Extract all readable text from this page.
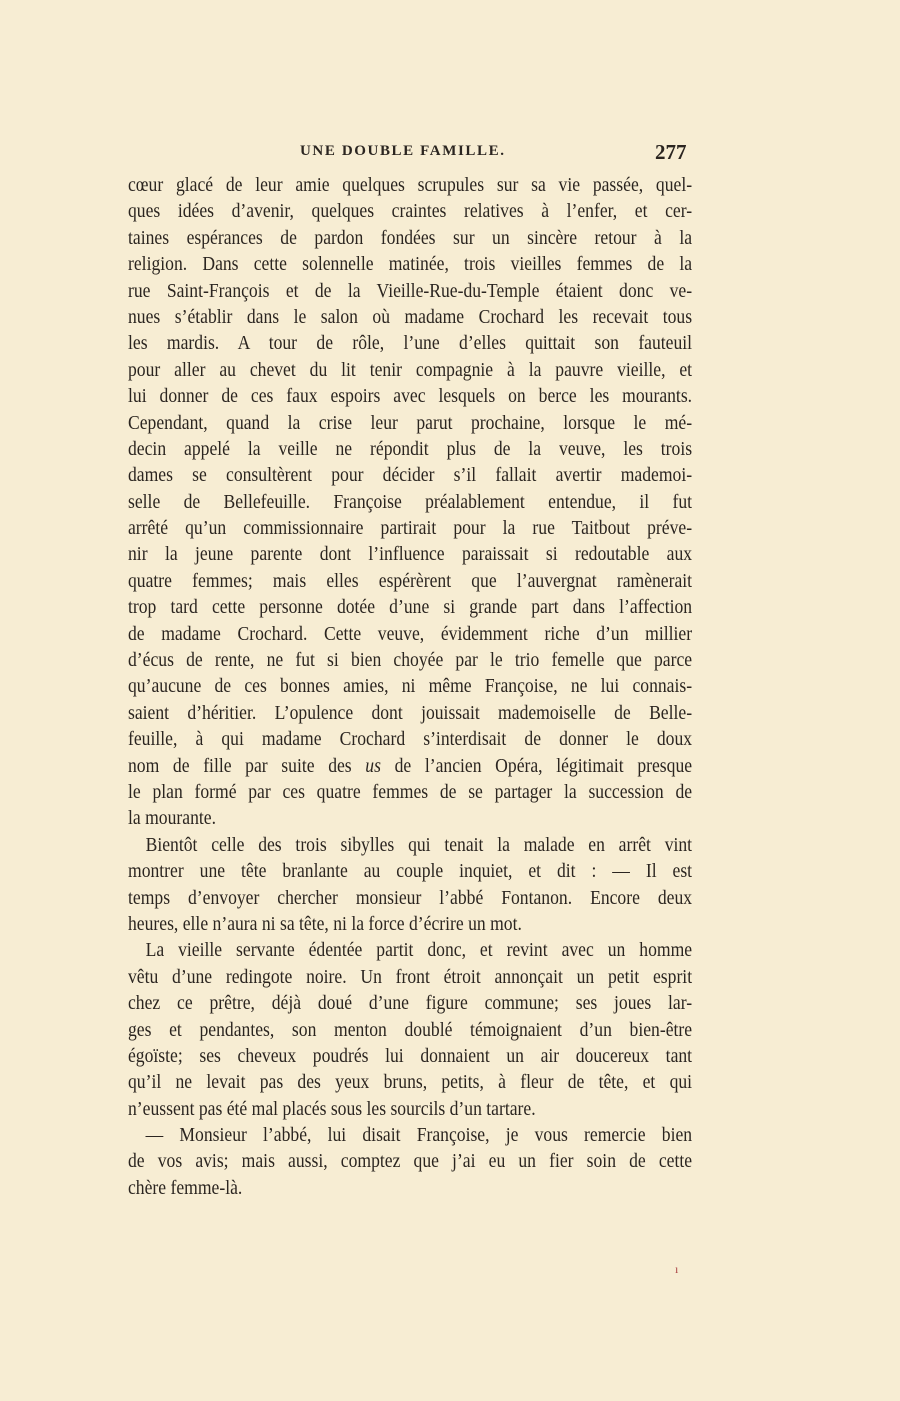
UNE DOUBLE FAMILLE.	277
cœur glacé de leur amie quelques scrupules sur sa vie passée, quel-
ques idées d’avenir, quelques craintes relatives à l’enfer, et cer-
taines espérances de pardon fondées sur un sincère retour à la
religion. Dans cette solennelle matinée, trois vieilles femmes de la
rue Saint-François et de la Vieille-Rue-du-Temple étaient donc ve-
nues s’établir dans le salon où madame Crochard les recevait tous
les mardis. A tour de rôle, l’une d’elles quittait son fauteuil
pour aller au chevet du lit tenir compagnie à la pauvre vieille, et
lui donner de ces faux espoirs avec lesquels on berce les mourants.
Cependant, quand la crise leur parut prochaine, lorsque le mé-
decin appelé la veille ne répondit plus de la veuve, les trois
dames se consultèrent pour décider s’il fallait avertir mademoi-
selle de Bellefeuille. Françoise préalablement entendue, il fut
arrêté qu’un commissionnaire partirait pour la rue Taitbout préve-
nir la jeune parente dont l’influence paraissait si redoutable aux
quatre femmes; mais elles espérèrent que l’auvergnat ramènerait
trop tard cette personne dotée d’une si grande part dans l’affection
de madame Crochard. Cette veuve, évidemment riche d’un millier
d’écus de rente, ne fut si bien choyée par le trio femelle que parce
qu’aucune de ces bonnes amies, ni même Françoise, ne lui connais-
saient d’héritier. L’opulence dont jouissait mademoiselle de Belle-
feuille, à qui madame Crochard s’interdisait de donner le doux
nom de fille par suite des us de l’ancien Opéra, légitimait presque
le plan formé par ces quatre femmes de se partager la succession de
la mourante.
Bientôt celle des trois sibylles qui tenait la malade en arrêt vint
montrer une tête branlante au couple inquiet, et dit : — Il est
temps d’envoyer chercher monsieur l’abbé Fontanon. Encore deux
heures, elle n’aura ni sa tête, ni la force d’écrire un mot.
La vieille servante édentée partit donc, et revint avec un homme
vêtu d’une redingote noire. Un front étroit annonçait un petit esprit
chez ce prêtre, déjà doué d’une figure commune; ses joues lar-
ges et pendantes, son menton doublé témoignaient d’un bien-être
égoïste; ses cheveux poudrés lui donnaient un air doucereux tant
qu’il ne levait pas des yeux bruns, petits, à fleur de tête, et qui
n’eussent pas été mal placés sous les sourcils d’un tartare.
— Monsieur l’abbé, lui disait Françoise, je vous remercie bien
de vos avis; mais aussi, comptez que j’ai eu un fier soin de cette
chère femme-là.
ı
